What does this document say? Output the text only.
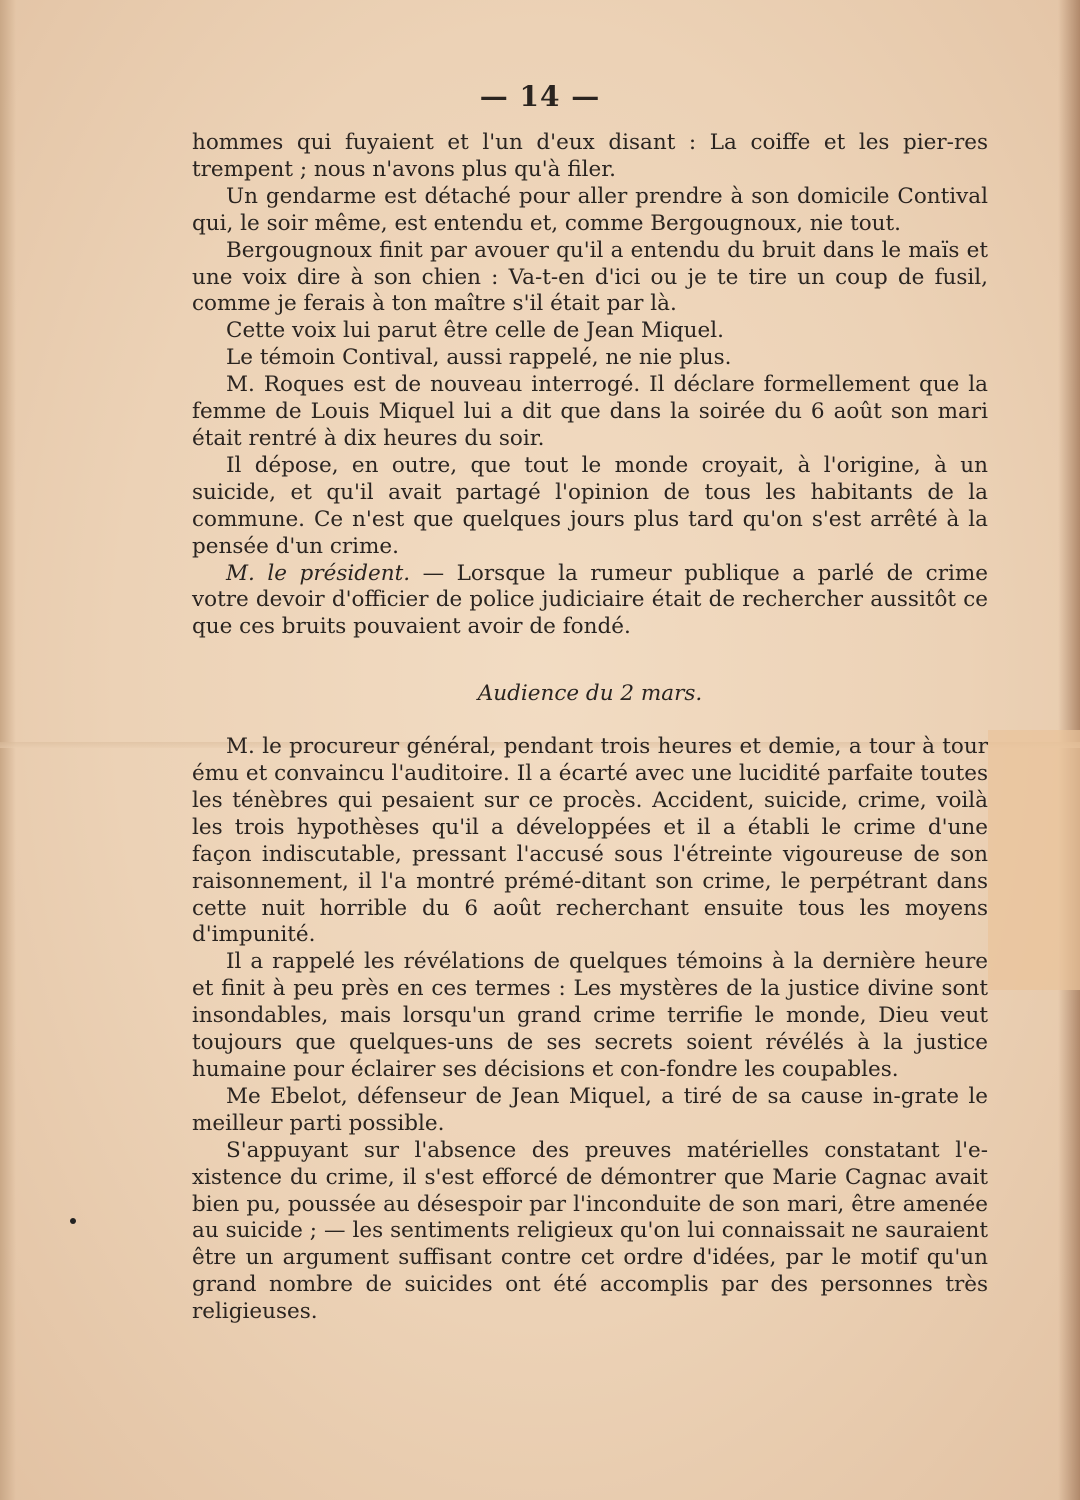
— 14 —

hommes qui fuyaient et l'un d'eux disant : La coiffe et les pier-res trempent ; nous n'avons plus qu'à filer.

Un gendarme est détaché pour aller prendre à son domicile Contival qui, le soir même, est entendu et, comme Bergougnoux, nie tout.

Bergougnoux finit par avouer qu'il a entendu du bruit dans le maïs et une voix dire à son chien : Va-t-en d'ici ou je te tire un coup de fusil, comme je ferais à ton maître s'il était par là.

Cette voix lui parut être celle de Jean Miquel.

Le témoin Contival, aussi rappelé, ne nie plus.

M. Roques est de nouveau interrogé. Il déclare formellement que la femme de Louis Miquel lui a dit que dans la soirée du 6 août son mari était rentré à dix heures du soir.

Il dépose, en outre, que tout le monde croyait, à l'origine, à un suicide, et qu'il avait partagé l'opinion de tous les habitants de la commune. Ce n'est que quelques jours plus tard qu'on s'est arrêté à la pensée d'un crime.

M. le président. — Lorsque la rumeur publique a parlé de crime votre devoir d'officier de police judiciaire était de rechercher aussitôt ce que ces bruits pouvaient avoir de fondé.

Audience du 2 mars.

M. le procureur général, pendant trois heures et demie, a tour à tour ému et convaincu l'auditoire. Il a écarté avec une lucidité parfaite toutes les ténèbres qui pesaient sur ce procès. Accident, suicide, crime, voilà les trois hypothèses qu'il a développées et il a établi le crime d'une façon indiscutable, pressant l'accusé sous l'étreinte vigoureuse de son raisonnement, il l'a montré prémé-ditant son crime, le perpétrant dans cette nuit horrible du 6 août recherchant ensuite tous les moyens d'impunité.

Il a rappelé les révélations de quelques témoins à la dernière heure et finit à peu près en ces termes : Les mystères de la justice divine sont insondables, mais lorsqu'un grand crime terrifie le monde, Dieu veut toujours que quelques-uns de ses secrets soient révélés à la justice humaine pour éclairer ses décisions et con-fondre les coupables.

Me Ebelot, défenseur de Jean Miquel, a tiré de sa cause in-grate le meilleur parti possible.

S'appuyant sur l'absence des preuves matérielles constatant l'e-xistence du crime, il s'est efforcé de démontrer que Marie Cagnac avait bien pu, poussée au désespoir par l'inconduite de son mari, être amenée au suicide ; — les sentiments religieux qu'on lui connaissait ne sauraient être un argument suffisant contre cet ordre d'idées, par le motif qu'un grand nombre de suicides ont été accomplis par des personnes très religieuses.
